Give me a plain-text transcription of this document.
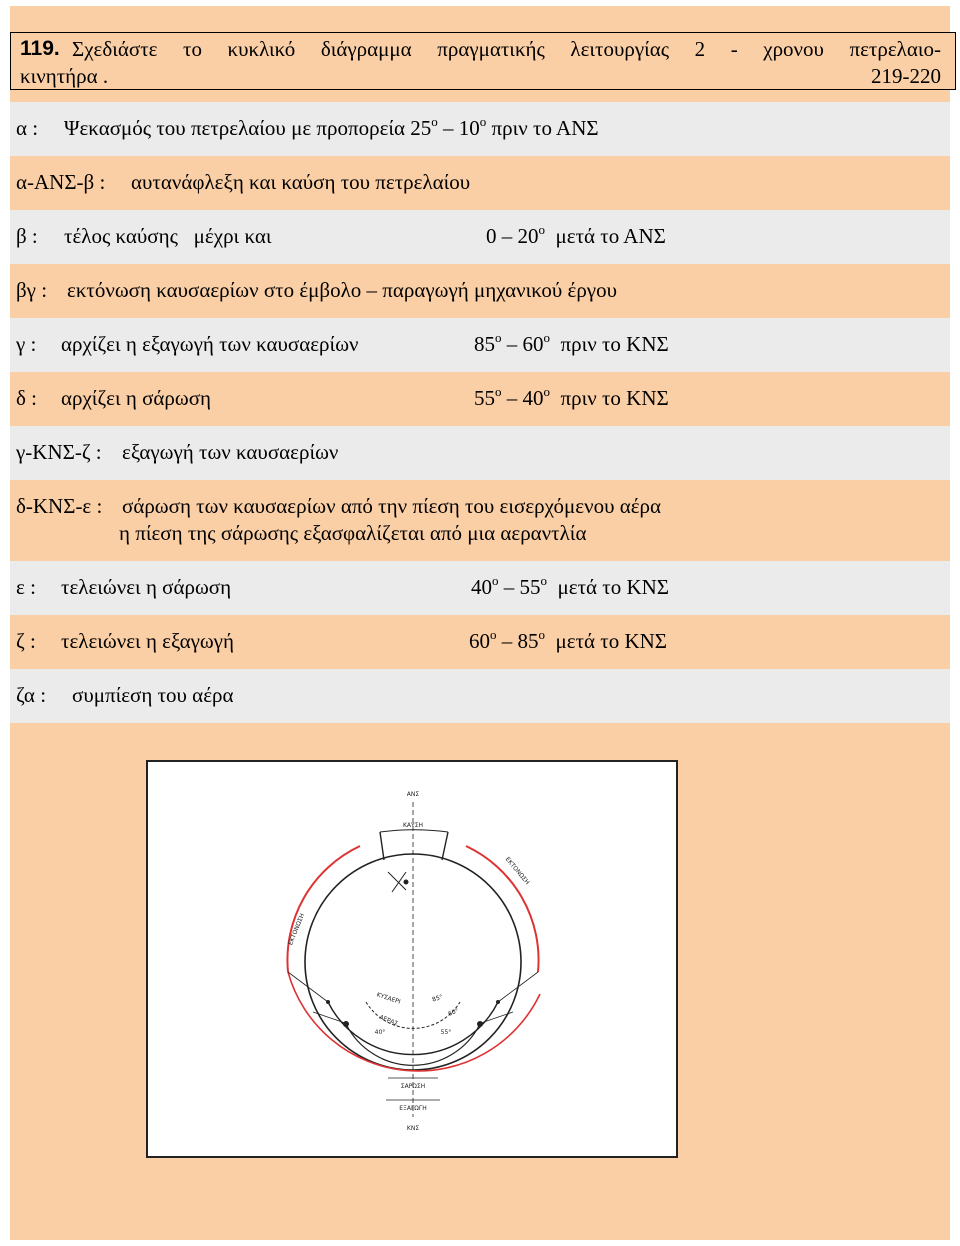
119. Σχεδιάστε το κυκλικό διάγραμμα πραγματικής λειτουργίας 2 - χρονου πετρελαιο-
κινητήρα .	219-220
α : Ψεκασμός του πετρελαίου με προπορεία $25^o - 10^o$ πριν το ΑΝΣ
α-ΑΝΣ-β : αυτανάφλεξη και καύση του πετρελαίου
β : τέλος καύσης   μέχρι και	$0 - 20^o$  μετά το ΑΝΣ
βγ : εκτόνωση καυσαερίων στο έμβολο – παραγωγή μηχανικού έργου
γ : αρχίζει η εξαγωγή των καυσαερίων	$85^o - 60^o$  πριν το ΚΝΣ
δ : αρχίζει η σάρωση	$55^o - 40^o$  πριν το ΚΝΣ
γ-ΚΝΣ-ζ : εξαγωγή των καυσαερίων
δ-ΚΝΣ-ε : σάρωση των καυσαερίων από την πίεση του εισερχόμενου αέρα
η πίεση της σάρωσης εξασφαλίζεται από μια αεραντλία
ε : τελειώνει η σάρωση	$40^o - 55^o$  μετά το ΚΝΣ
ζ : τελειώνει η εξαγωγή	$60^o - 85^o$  μετά το ΚΝΣ
ζα : συμπίεση του αέρα
ΑΝΣ
ΚΝΣ
ΚΑΥΣΗ
ΕΚΤΟΝΩΣΗ
ΕΚΤΟΝΩΣΗ
ΣΑΡΩΣΗ
ΕΞΑΓΩΓΗ
ΚΥΣΑΕΡΙ
ΑΕΡΑΣ
85°
40°	55°
60°
